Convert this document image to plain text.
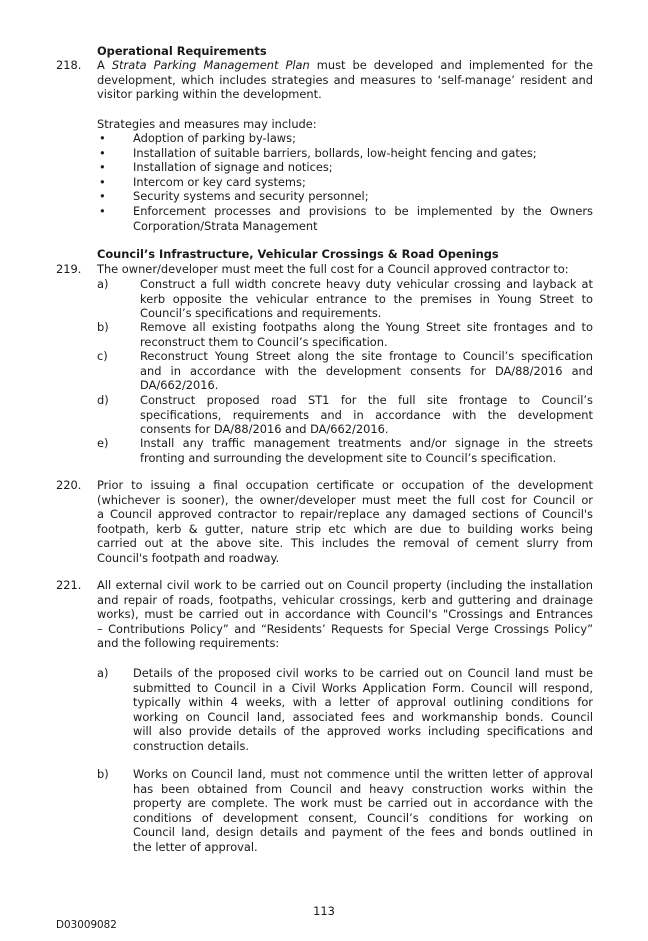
Operational Requirements
218. A Strata Parking Management Plan must be developed and implemented for the
development, which includes strategies and measures to ‘self-manage’ resident and
visitor parking within the development.
Strategies and measures may include:
• Adoption of parking by-laws;
• Installation of suitable barriers, bollards, low-height fencing and gates;
• Installation of signage and notices;
• Intercom or key card systems;
• Security systems and security personnel;
• Enforcement processes and provisions to be implemented by the Owners
Corporation/Strata Management
Council’s Infrastructure, Vehicular Crossings & Road Openings
219. The owner/developer must meet the full cost for a Council approved contractor to:
a)	Construct a full width concrete heavy duty vehicular crossing and layback at
kerb opposite the vehicular entrance to the premises in Young Street to
Council’s specifications and requirements.
b)	Remove all existing footpaths along the Young Street site frontages and to
reconstruct them to Council’s specification.
c)	Reconstruct Young Street along the site frontage to Council’s specification
and in accordance with the development consents for DA/88/2016 and
DA/662/2016.
d)	Construct proposed road ST1 for the full site frontage to Council’s
specifications, requirements and in accordance with the development
consents for DA/88/2016 and DA/662/2016.
e)	Install any traffic management treatments and/or signage in the streets
fronting and surrounding the development site to Council’s specification.
220. Prior to issuing a final occupation certificate or occupation of the development
(whichever is sooner), the owner/developer must meet the full cost for Council or
a Council approved contractor to repair/replace any damaged sections of Council's
footpath, kerb & gutter, nature strip etc which are due to building works being
carried out at the above site. This includes the removal of cement slurry from
Council's footpath and roadway.
221. All external civil work to be carried out on Council property (including the installation
and repair of roads, footpaths, vehicular crossings, kerb and guttering and drainage
works), must be carried out in accordance with Council's "Crossings and Entrances
– Contributions Policy” and “Residents’ Requests for Special Verge Crossings Policy”
and the following requirements:
a) Details of the proposed civil works to be carried out on Council land must be
submitted to Council in a Civil Works Application Form. Council will respond,
typically within 4 weeks, with a letter of approval outlining conditions for
working on Council land, associated fees and workmanship bonds. Council
will also provide details of the approved works including specifications and
construction details.
b) Works on Council land, must not commence until the written letter of approval
has been obtained from Council and heavy construction works within the
property are complete. The work must be carried out in accordance with the
conditions of development consent, Council’s conditions for working on
Council land, design details and payment of the fees and bonds outlined in
the letter of approval.
113
D03009082
